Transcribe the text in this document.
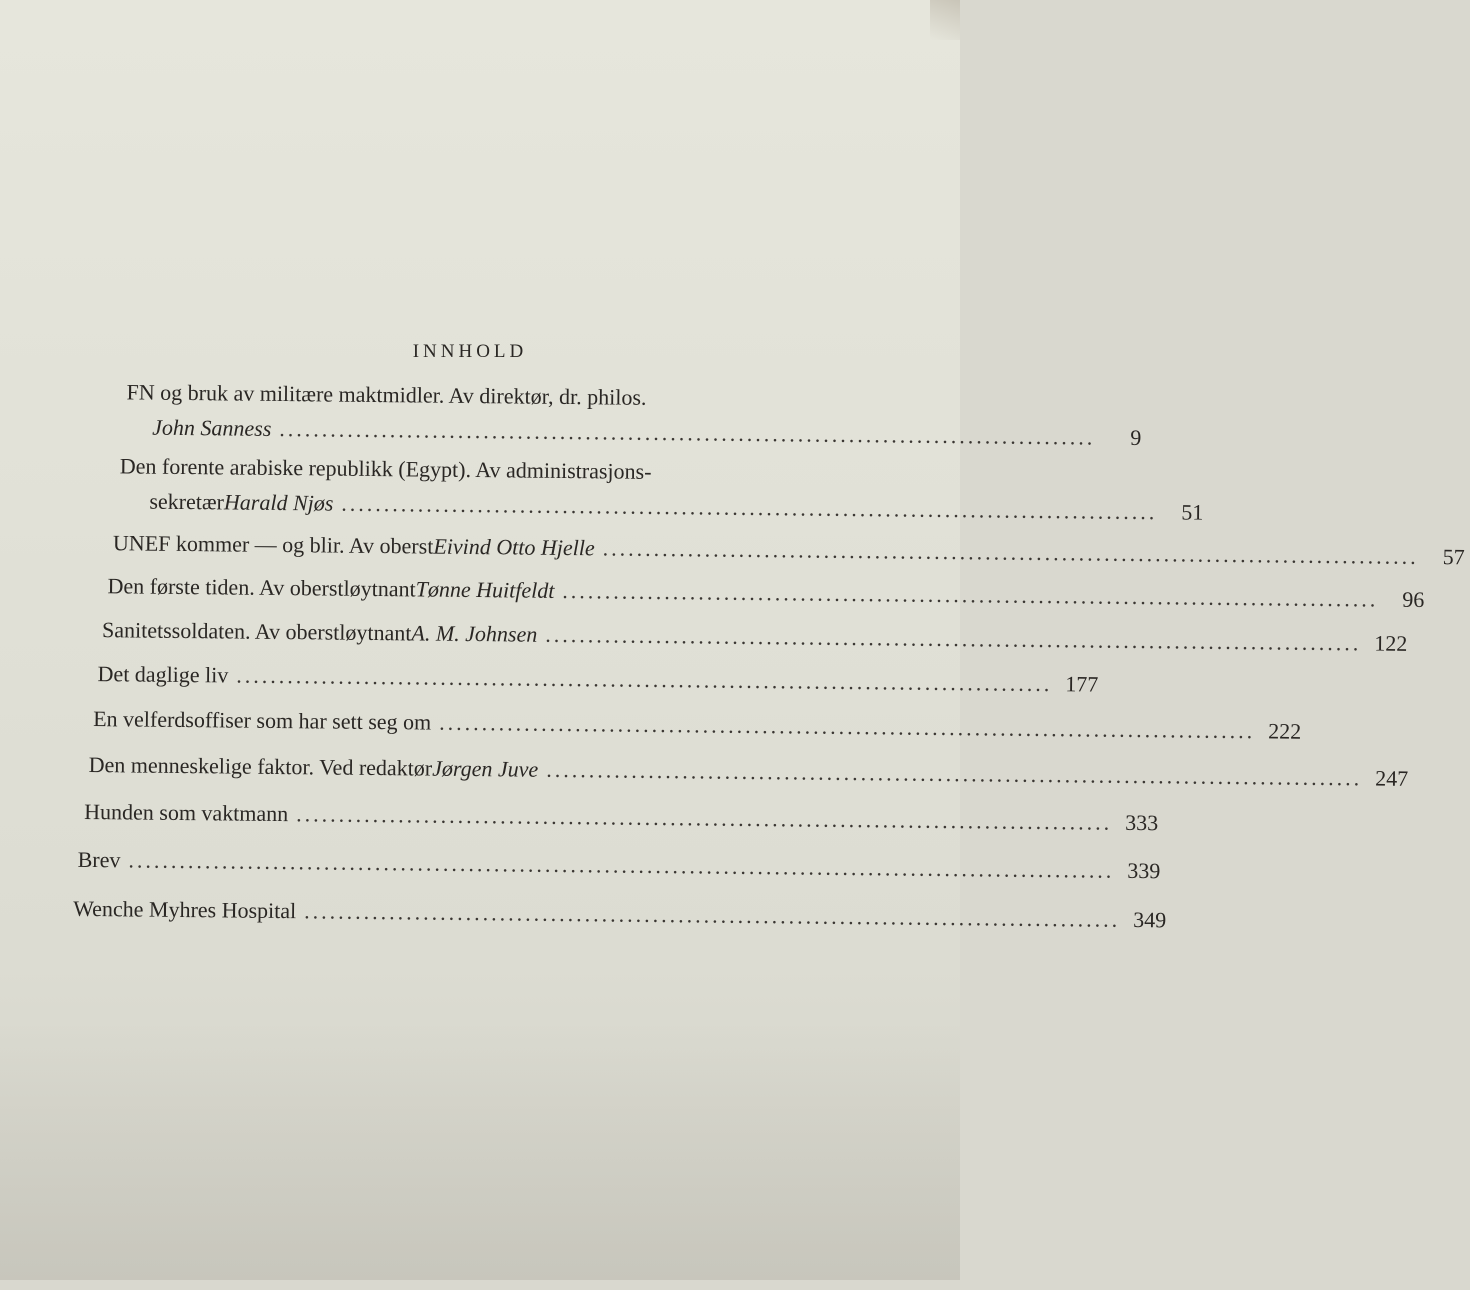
INNHOLD
FN og bruk av militære maktmidler. Av direktør, dr. philos.
John Sanness ................................................................................................	9
Den forente arabiske republikk (Egypt). Av administrasjons-
sekretær Harald Njøs ................................................................................................	51
UNEF kommer — og blir. Av oberst Eivind Otto Hjelle ................................................................................................	57
Den første tiden. Av oberstløytnant Tønne Huitfeldt ................................................................................................	96
Sanitetssoldaten. Av oberstløytnant A. M. Johnsen ................................................................................................ 122
Det daglige liv ................................................................................................ 177
En velferdsoffiser som har sett seg om ................................................................................................ 222
Den menneskelige faktor. Ved redaktør Jørgen Juve ................................................................................................ 247
Hunden som vaktmann ................................................................................................ 333
Brev .................................................................................................................... 339
Wenche Myhres Hospital ................................................................................................ 349
